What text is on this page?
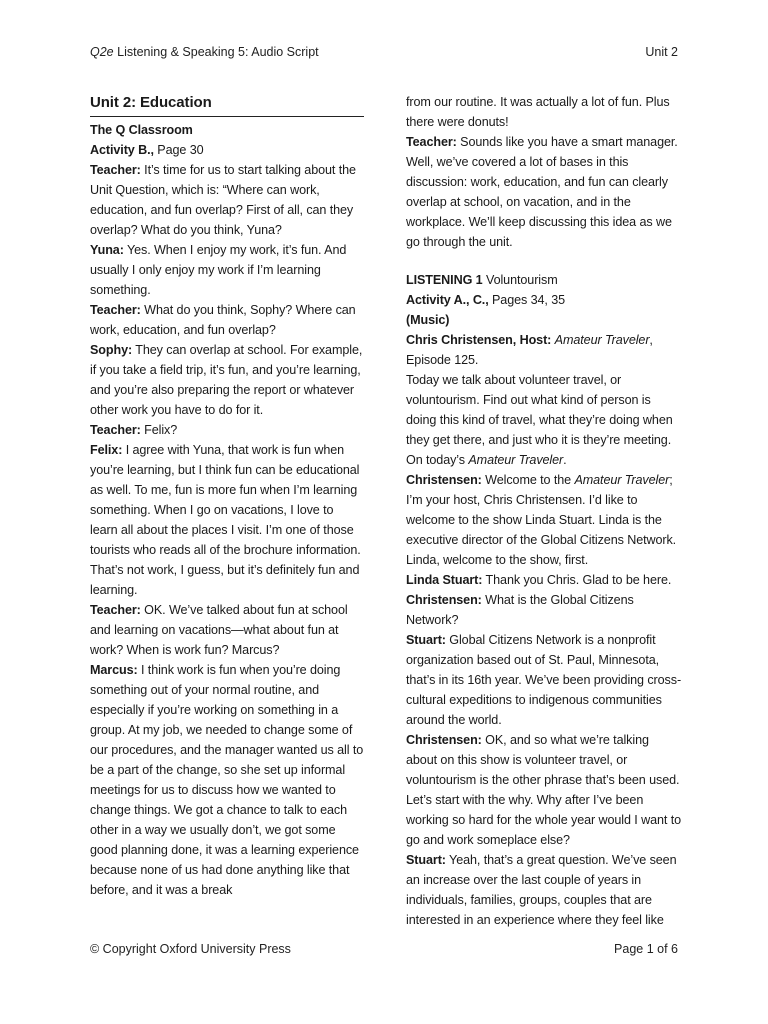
Q2e Listening & Speaking 5: Audio Script	Unit 2
Unit 2: Education

The Q Classroom

Activity B., Page 30

Teacher: It’s time for us to start talking about the Unit Question, which is: “Where can work, education, and fun overlap? First of all, can they overlap? What do you think, Yuna?

Yuna: Yes. When I enjoy my work, it’s fun. And usually I only enjoy my work if I’m learning something.

Teacher: What do you think, Sophy? Where can work, education, and fun overlap?

Sophy: They can overlap at school. For example, if you take a field trip, it’s fun, and you’re learning, and you’re also preparing the report or whatever other work you have to do for it.

Teacher: Felix?

Felix: I agree with Yuna, that work is fun when you’re learning, but I think fun can be educational as well. To me, fun is more fun when I’m learning something. When I go on vacations, I love to learn all about the places I visit. I’m one of those tourists who reads all of the brochure information. That’s not work, I guess, but it’s definitely fun and learning.

Teacher: OK. We’ve talked about fun at school and learning on vacations—what about fun at work? When is work fun? Marcus?

Marcus: I think work is fun when you’re doing something out of your normal routine, and especially if you’re working on something in a group. At my job, we needed to change some of our procedures, and the manager wanted us all to be a part of the change, so she set up informal meetings for us to discuss how we wanted to change things. We got a chance to talk to each other in a way we usually don’t, we got some good planning done, it was a learning experience because none of us had done anything like that before, and it was a break

from our routine. It was actually a lot of fun. Plus there were donuts!

Teacher: Sounds like you have a smart manager. Well, we’ve covered a lot of bases in this discussion: work, education, and fun can clearly overlap at school, on vacation, and in the workplace. We’ll keep discussing this idea as we go through the unit.

LISTENING 1 Voluntourism

Activity A., C., Pages 34, 35

(Music)

Chris Christensen, Host: Amateur Traveler, Episode 125.

Today we talk about volunteer travel, or voluntourism. Find out what kind of person is doing this kind of travel, what they’re doing when they get there, and just who it is they’re meeting. On today’s Amateur Traveler.

Christensen: Welcome to the Amateur Traveler; I’m your host, Chris Christensen. I’d like to welcome to the show Linda Stuart. Linda is the executive director of the Global Citizens Network. Linda, welcome to the show, first.

Linda Stuart: Thank you Chris. Glad to be here.

Christensen: What is the Global Citizens Network?

Stuart: Global Citizens Network is a nonprofit organization based out of St. Paul, Minnesota, that’s in its 16th year. We’ve been providing cross-cultural expeditions to indigenous communities around the world.

Christensen: OK, and so what we’re talking about on this show is volunteer travel, or voluntourism is the other phrase that’s been used. Let’s start with the why. Why after I’ve been working so hard for the whole year would I want to go and work someplace else?

Stuart: Yeah, that’s a great question. We’ve seen an increase over the last couple of years in individuals, families, groups, couples that are interested in an experience where they feel like

© Copyright Oxford University Press	Page 1 of 6
